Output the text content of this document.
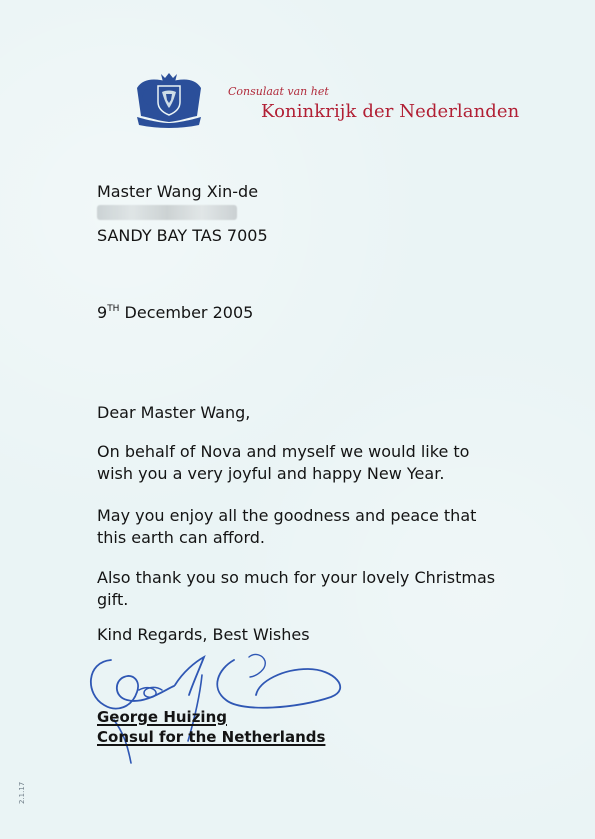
Consulaat van het
Koninkrijk der Nederlanden
Master Wang Xin-de
SANDY BAY TAS 7005
9TH December 2005
Dear Master Wang,
On behalf of Nova and myself we would like to wish you a very joyful and happy New Year.
May you enjoy all the goodness and peace that this earth can afford.
Also thank you so much for your lovely Christmas gift.
Kind Regards, Best Wishes
George Huizing
Consul for the Netherlands
2.1.17
